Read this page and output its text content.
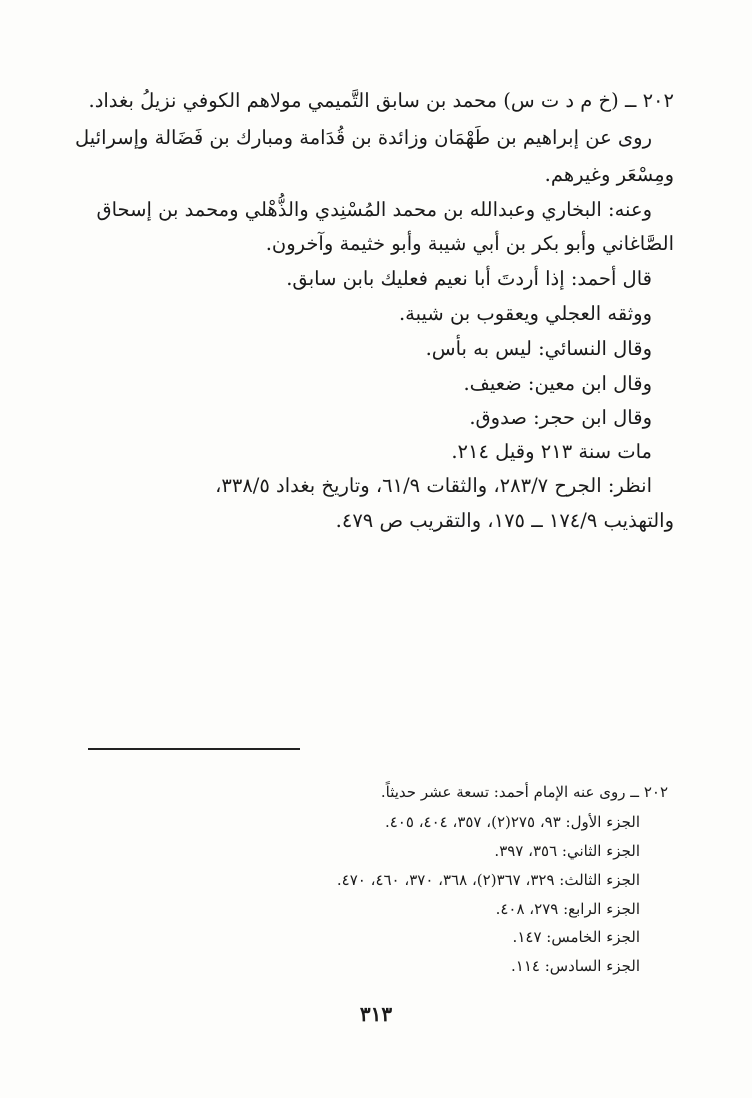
٢٠٢ ــ (خ م د ت س) محمد بن سابق التَّميمي مولاهم الكوفي نزيلُ بغداد.
روى عن إبراهيم بن طَهْمَان وزائدة بن قُدَامة ومبارك بن فَضَالة وإسرائيل
ومِسْعَر وغيرهم.
وعنه: البخاري وعبدالله بن محمد المُسْنِدي والذُّهْلي ومحمد بن إسحاق
الصَّاغاني وأبو بكر بن أبي شيبة وأبو خثيمة وآخرون.
قال أحمد: إذا أردتَ أبا نعيم فعليك بابن سابق.
ووثقه العجلي ويعقوب بن شيبة.
وقال النسائي: ليس به بأس.
وقال ابن معين: ضعيف.
وقال ابن حجر: صدوق.
مات سنة ٢١٣ وقيل ٢١٤.
انظر: الجرح ٢٨٣/٧، والثقات ٦١/٩، وتاريخ بغداد ٣٣٨/٥،
والتهذيب ١٧٤/٩ ــ ١٧٥، والتقريب ص ٤٧٩.
٢٠٢ ــ روى عنه الإمام أحمد: تسعة عشر حديثاً.
الجزء الأول: ٩٣، ٢٧٥(٢)، ٣٥٧، ٤٠٤، ٤٠٥.
الجزء الثاني: ٣٥٦، ٣٩٧.
الجزء الثالث: ٣٢٩، ٣٦٧(٢)، ٣٦٨، ٣٧٠، ٤٦٠، ٤٧٠.
الجزء الرابع: ٢٧٩، ٤٠٨.
الجزء الخامس: ١٤٧.
الجزء السادس: ١١٤.
٣١٣
